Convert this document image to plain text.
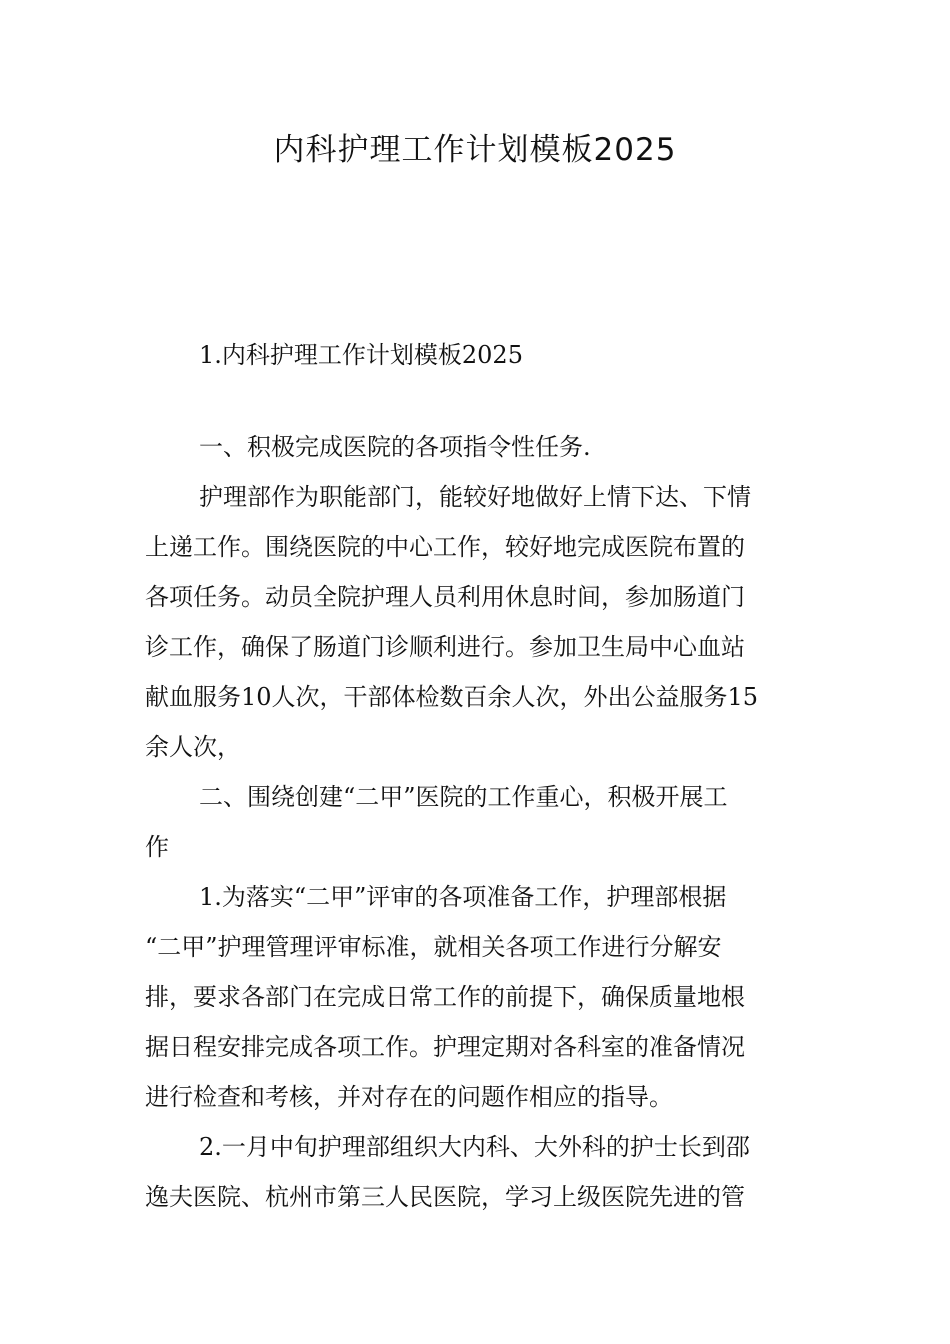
内科护理工作计划模板2025
1.内科护理工作计划模板2025
一、积极完成医院的各项指令性任务.
护理部作为职能部门，能较好地做好上情下达、下情
上递工作。围绕医院的中心工作，较好地完成医院布置的
各项任务。动员全院护理人员利用休息时间，参加肠道门
诊工作，确保了肠道门诊顺利进行。参加卫生局中心血站
献血服务10人次，干部体检数百余人次，外出公益服务15
余人次，
二、围绕创建“二甲”医院的工作重心，积极开展工
作
1.为落实“二甲”评审的各项准备工作，护理部根据
“二甲”护理管理评审标准，就相关各项工作进行分解安
排，要求各部门在完成日常工作的前提下，确保质量地根
据日程安排完成各项工作。护理定期对各科室的准备情况
进行检查和考核，并对存在的问题作相应的指导。
2.一月中旬护理部组织大内科、大外科的护士长到邵
逸夫医院、杭州市第三人民医院，学习上级医院先进的管
